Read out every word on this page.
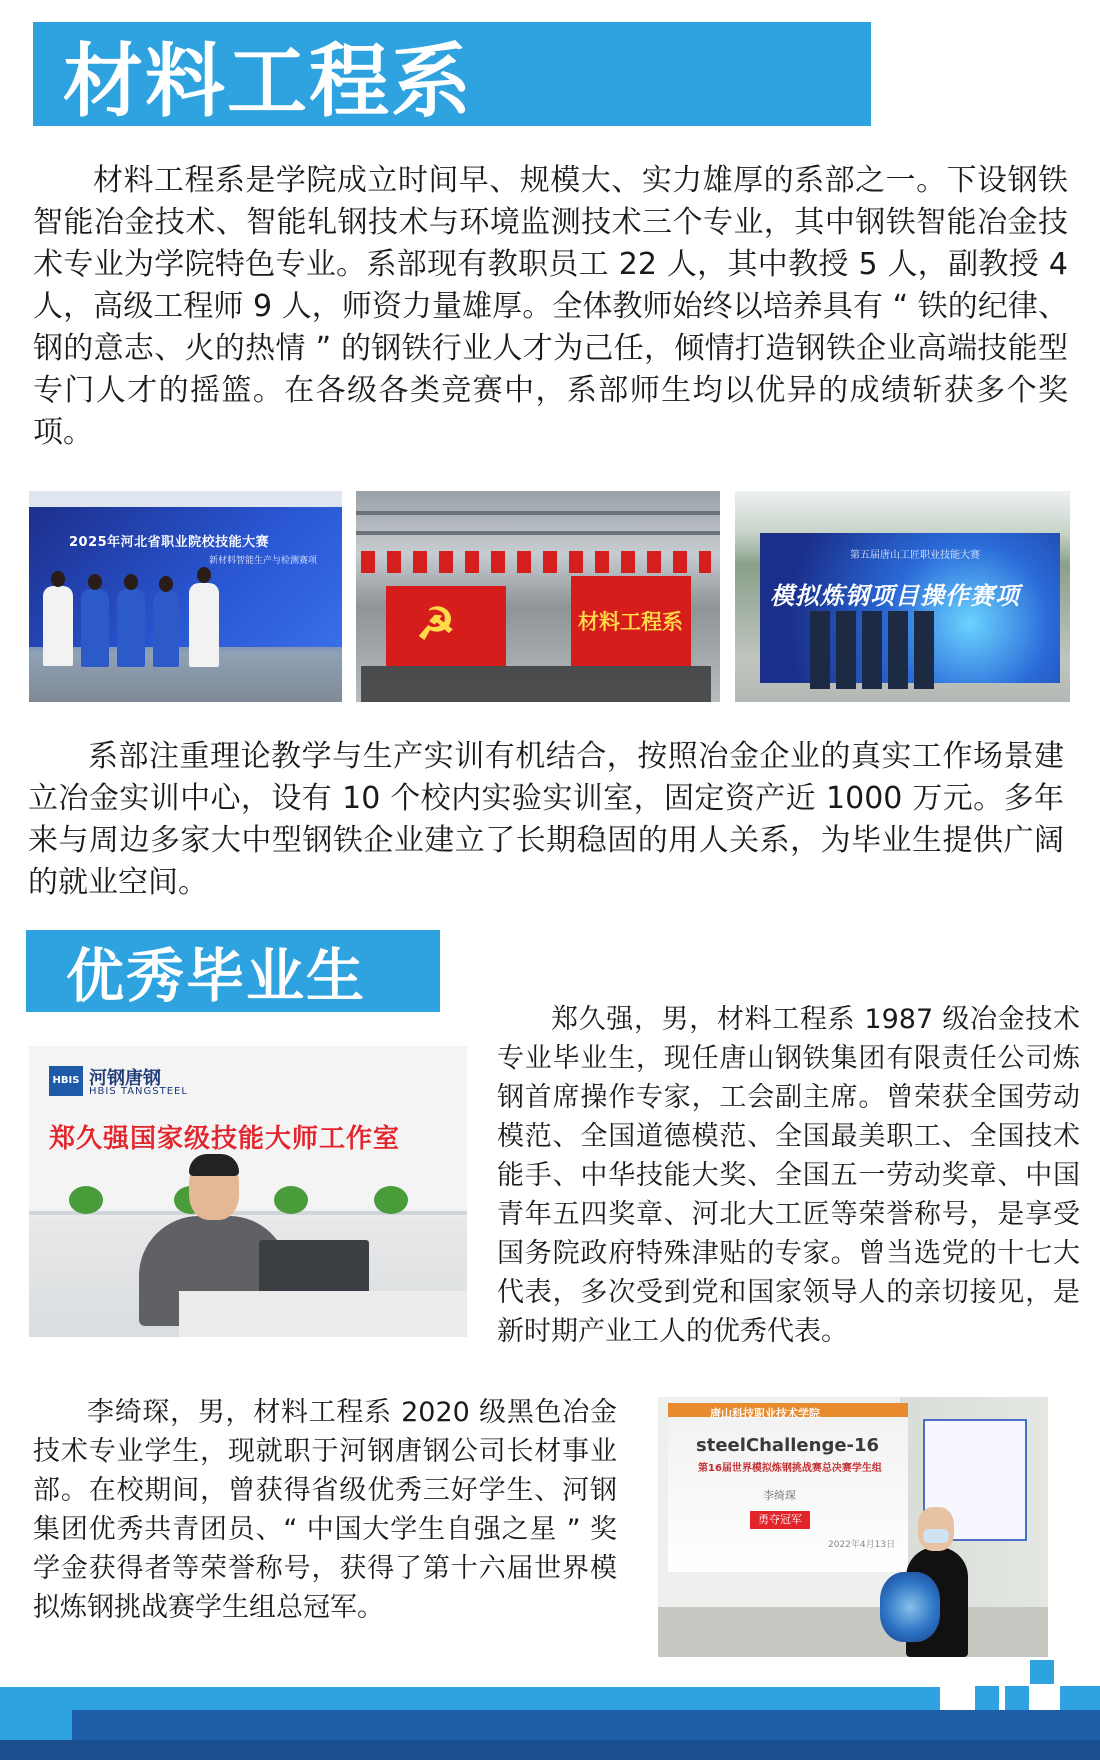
材料工程系

材料工程系是学院成立时间早、规模大、实力雄厚的系部之一。下设钢铁智能冶金技术、智能轧钢技术与环境监测技术三个专业，其中钢铁智能冶金技术专业为学院特色专业。系部现有教职员工 22 人，其中教授 5 人，副教授 4 人，高级工程师 9 人，师资力量雄厚。全体教师始终以培养具有 “ 铁的纪律、钢的意志、火的热情 ” 的钢铁行业人才为己任，倾情打造钢铁企业高端技能型专门人才的摇篮。在各级各类竞赛中，系部师生均以优异的成绩斩获多个奖项。

2025年河北省职业院校技能大赛
新材料智能生产与检测赛项
☭	材料工程系
第五届唐山工匠职业技能大赛
模拟炼钢项目操作赛项

系部注重理论教学与生产实训有机结合，按照冶金企业的真实工作场景建立冶金实训中心，设有 10 个校内实验实训室，固定资产近 1000 万元。多年来与周边多家大中型钢铁企业建立了长期稳固的用人关系，为毕业生提供广阔的就业空间。

优秀毕业生
HBIS 河钢唐钢
HBIS TANGSTEEL
郑久强国家级技能大师工作室

郑久强，男，材料工程系 1987 级冶金技术专业毕业生，现任唐山钢铁集团有限责任公司炼钢首席操作专家，工会副主席。曾荣获全国劳动模范、全国道德模范、全国最美职工、全国技术能手、中华技能大奖、全国五一劳动奖章、中国青年五四奖章、河北大工匠等荣誉称号，是享受国务院政府特殊津贴的专家。曾当选党的十七大代表，多次受到党和国家领导人的亲切接见，是新时期产业工人的优秀代表。

李绮琛，男，材料工程系 2020 级黑色冶金技术专业学生，现就职于河钢唐钢公司长材事业部。在校期间，曾获得省级优秀三好学生、河钢集团优秀共青团员、“ 中国大学生自强之星 ” 奖学金获得者等荣誉称号，获得了第十六届世界模拟炼钢挑战赛学生组总冠军。

唐山科技职业技术学院
steelChallenge-16
第16届世界模拟炼钢挑战赛总决赛学生组
李绮琛
勇夺冠军
2022年4月13日
